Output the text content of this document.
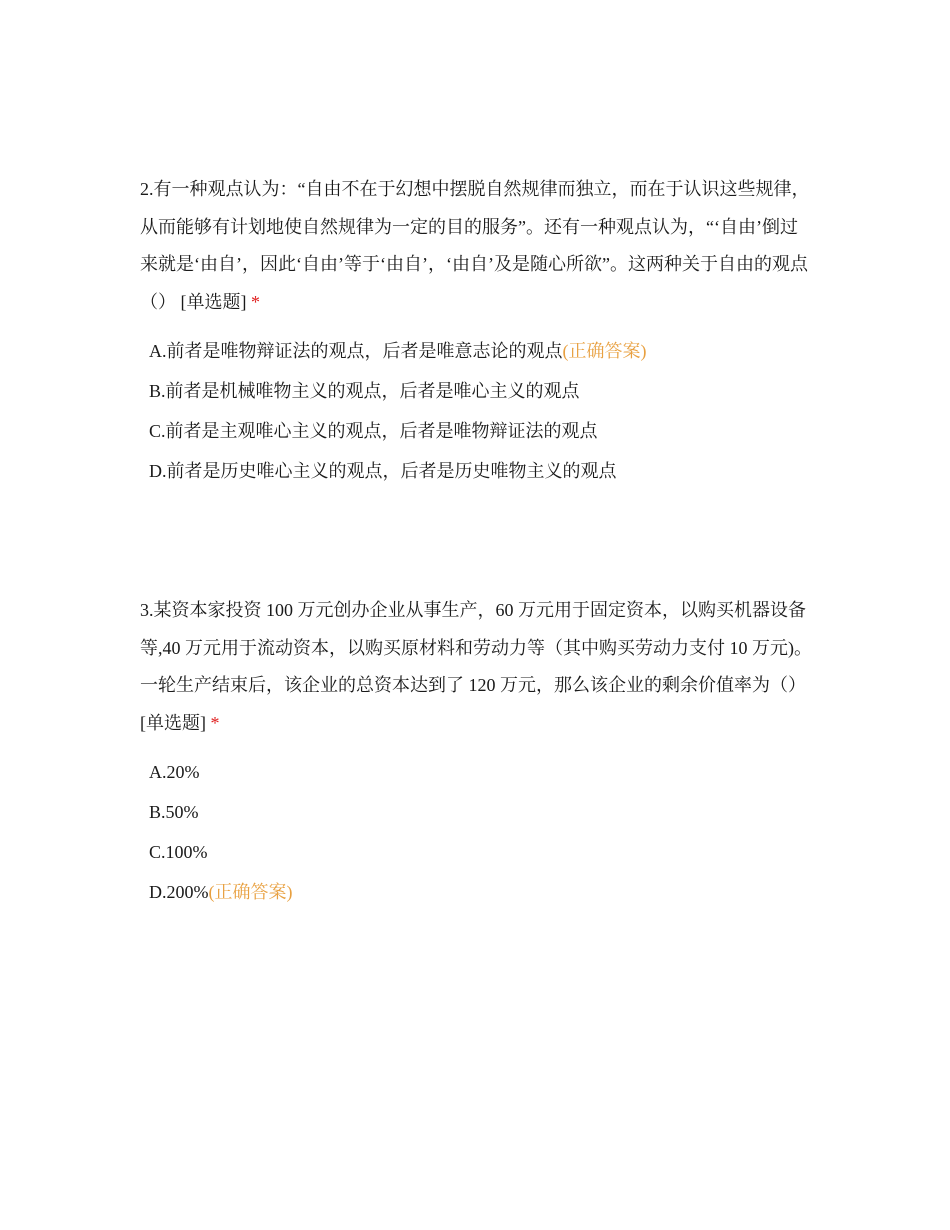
2.有一种观点认为：“自由不在于幻想中摆脱自然规律而独立，而在于认识这些规律，从而能够有计划地使自然规律为一定的目的服务”。还有一种观点认为，“‘自由’倒过来就是‘由自’，因此‘自由’等于‘由自’，‘由自’及是随心所欲”。这两种关于自由的观点（） [单选题] *

A.前者是唯物辩证法的观点，后者是唯意志论的观点(正确答案)
B.前者是机械唯物主义的观点，后者是唯心主义的观点
C.前者是主观唯心主义的观点，后者是唯物辩证法的观点
D.前者是历史唯心主义的观点，后者是历史唯物主义的观点

3.某资本家投资 100 万元创办企业从事生产，60 万元用于固定资本，以购买机器设备等,40 万元用于流动资本，以购买原材料和劳动力等（其中购买劳动力支付 10 万元)。一轮生产结束后，该企业的总资本达到了 120 万元，那么该企业的剩余价值率为（） [单选题] *

A.20%
B.50%
C.100%
D.200%(正确答案)
